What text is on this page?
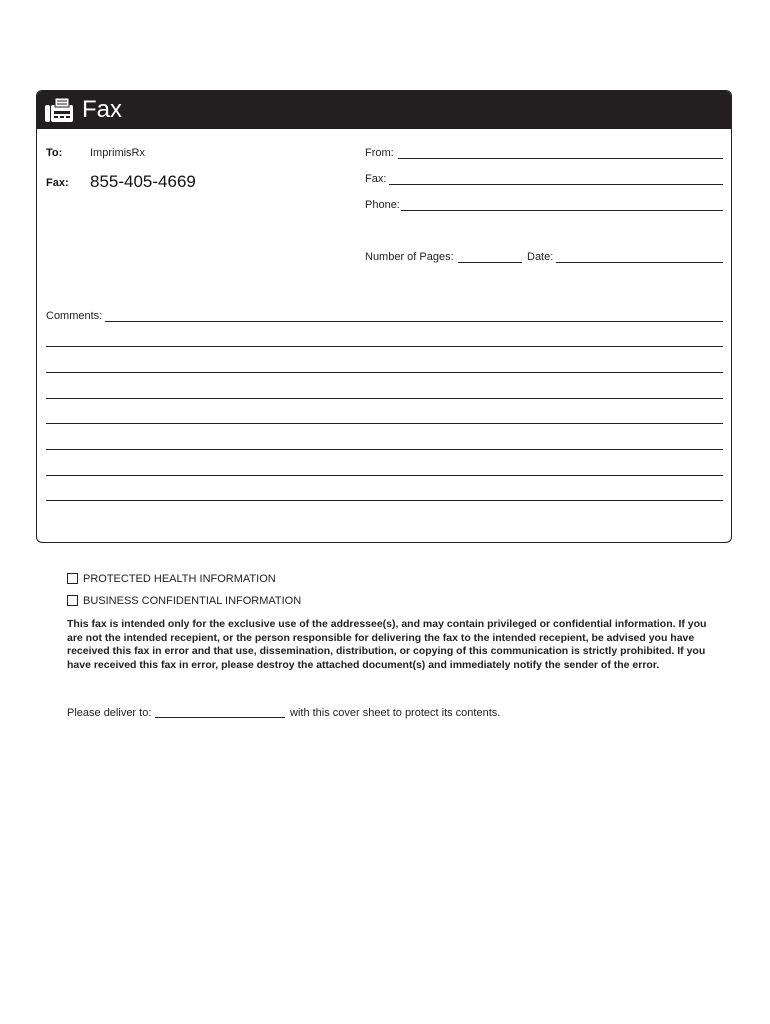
Fax
To:	ImprimisRx
Fax: 855-405-4669
From:
Fax:
Phone:
Number of Pages:	Date:
Comments:
PROTECTED HEALTH INFORMATION
BUSINESS CONFIDENTIAL INFORMATION
This fax is intended only for the exclusive use of the addressee(s), and may contain privileged or confidential information. If you are not the intended recepient, or the person responsible for delivering the fax to the intended recepient, be advised you have received this fax in error and that use, dissemination, distribution, or copying of this communication is strictly prohibited. If you have received this fax in error, please destroy the attached document(s) and immediately notify the sender of the error.
Please deliver to:	with this cover sheet to protect its contents.
